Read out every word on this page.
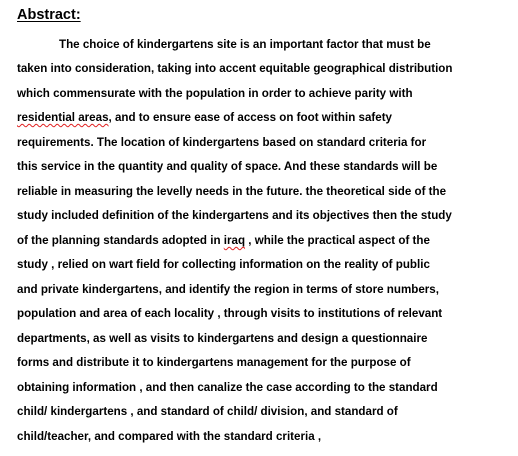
Abstract:
The choice of kindergartens site is an important factor that must be
taken into consideration, taking into accent equitable geographical distribution
which commensurate with the population in order to achieve parity with
residential areas, and to ensure ease of access on foot within safety
requirements. The location of kindergartens based on standard criteria for
this service in the quantity and quality of space. And these standards will be
reliable in measuring the levelly needs in the future. the theoretical side of the
study included definition of the kindergartens and its objectives then the study
of the planning standards adopted in iraq , while the practical aspect of the
study , relied on wart field for collecting information on the reality of public
and private kindergartens, and identify the region in terms of store numbers,
population and area of each locality , through visits to institutions of relevant
departments, as well as visits to kindergartens and design a questionnaire
forms and distribute it to kindergartens management for the purpose of
obtaining information , and then canalize the case according to the standard
child/ kindergartens , and standard of child/ division, and standard of
child/teacher, and compared with the standard criteria ,
